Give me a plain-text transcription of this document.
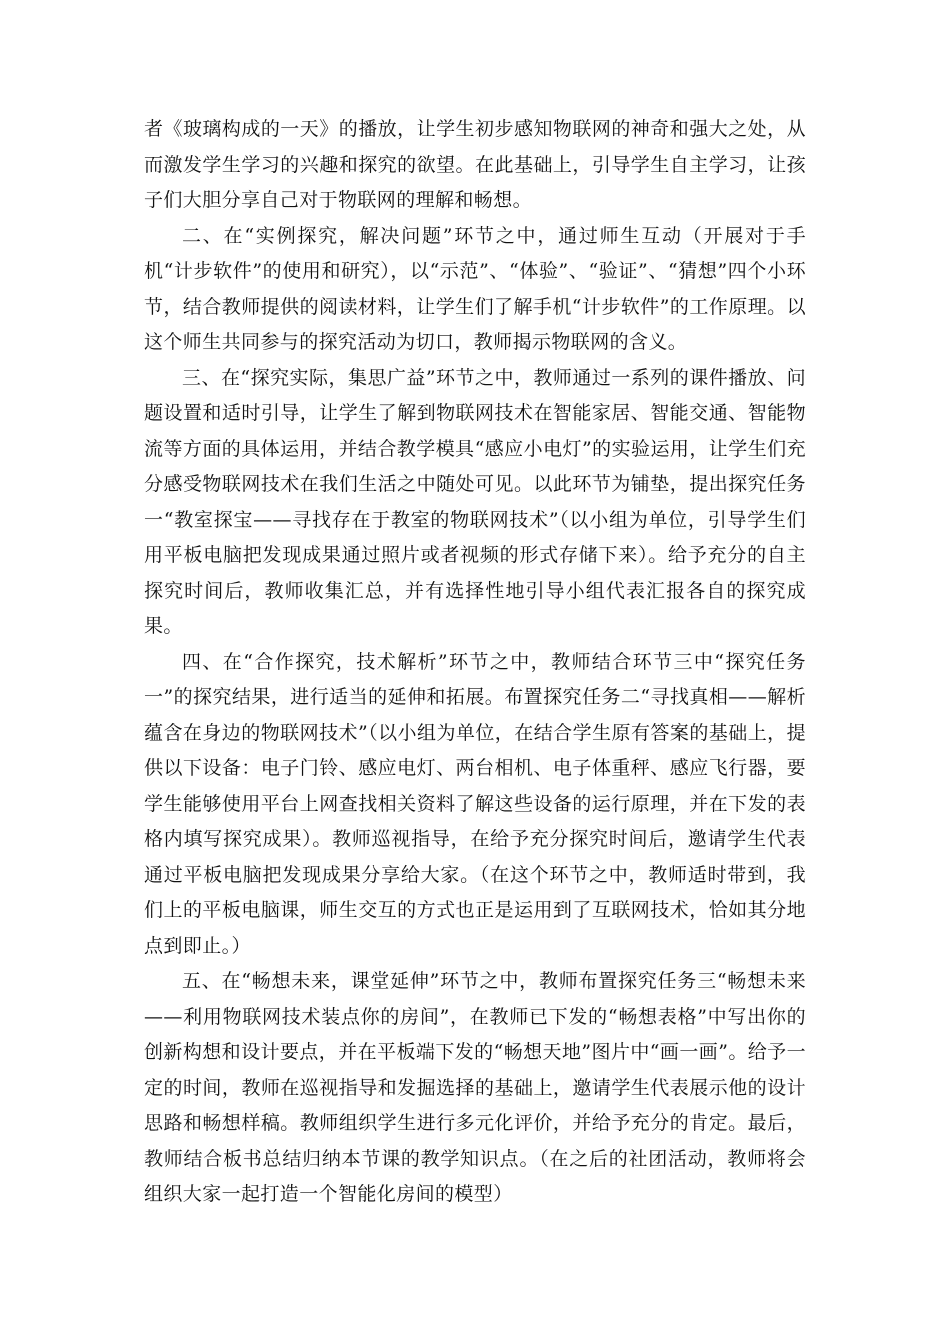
者《玻璃构成的一天》的播放，让学生初步感知物联网的神奇和强大之处，从而激发学生学习的兴趣和探究的欲望。在此基础上，引导学生自主学习，让孩子们大胆分享自己对于物联网的理解和畅想。

二、在“实例探究，解决问题”环节之中，通过师生互动（开展对于手机“计步软件”的使用和研究），以“示范”、“体验”、“验证”、“猜想”四个小环节，结合教师提供的阅读材料，让学生们了解手机“计步软件”的工作原理。以这个师生共同参与的探究活动为切口，教师揭示物联网的含义。

三、在“探究实际，集思广益”环节之中，教师通过一系列的课件播放、问题设置和适时引导，让学生了解到物联网技术在智能家居、智能交通、智能物流等方面的具体运用，并结合教学模具“感应小电灯”的实验运用，让学生们充分感受物联网技术在我们生活之中随处可见。以此环节为铺垫，提出探究任务一“教室探宝——寻找存在于教室的物联网技术”（以小组为单位，引导学生们用平板电脑把发现成果通过照片或者视频的形式存储下来）。给予充分的自主探究时间后，教师收集汇总，并有选择性地引导小组代表汇报各自的探究成果。

四、在“合作探究，技术解析”环节之中，教师结合环节三中“探究任务一”的探究结果，进行适当的延伸和拓展。布置探究任务二“寻找真相——解析蕴含在身边的物联网技术”（以小组为单位，在结合学生原有答案的基础上，提供以下设备：电子门铃、感应电灯、两台相机、电子体重秤、感应飞行器，要学生能够使用平台上网查找相关资料了解这些设备的运行原理，并在下发的表格内填写探究成果）。教师巡视指导，在给予充分探究时间后，邀请学生代表通过平板电脑把发现成果分享给大家。（在这个环节之中，教师适时带到，我们上的平板电脑课，师生交互的方式也正是运用到了互联网技术，恰如其分地点到即止。）

五、在“畅想未来，课堂延伸”环节之中，教师布置探究任务三“畅想未来——利用物联网技术装点你的房间”，在教师已下发的“畅想表格”中写出你的创新构想和设计要点，并在平板端下发的“畅想天地”图片中“画一画”。给予一定的时间，教师在巡视指导和发掘选择的基础上，邀请学生代表展示他的设计思路和畅想样稿。教师组织学生进行多元化评价，并给予充分的肯定。最后，教师结合板书总结归纳本节课的教学知识点。（在之后的社团活动，教师将会组织大家一起打造一个智能化房间的模型）
